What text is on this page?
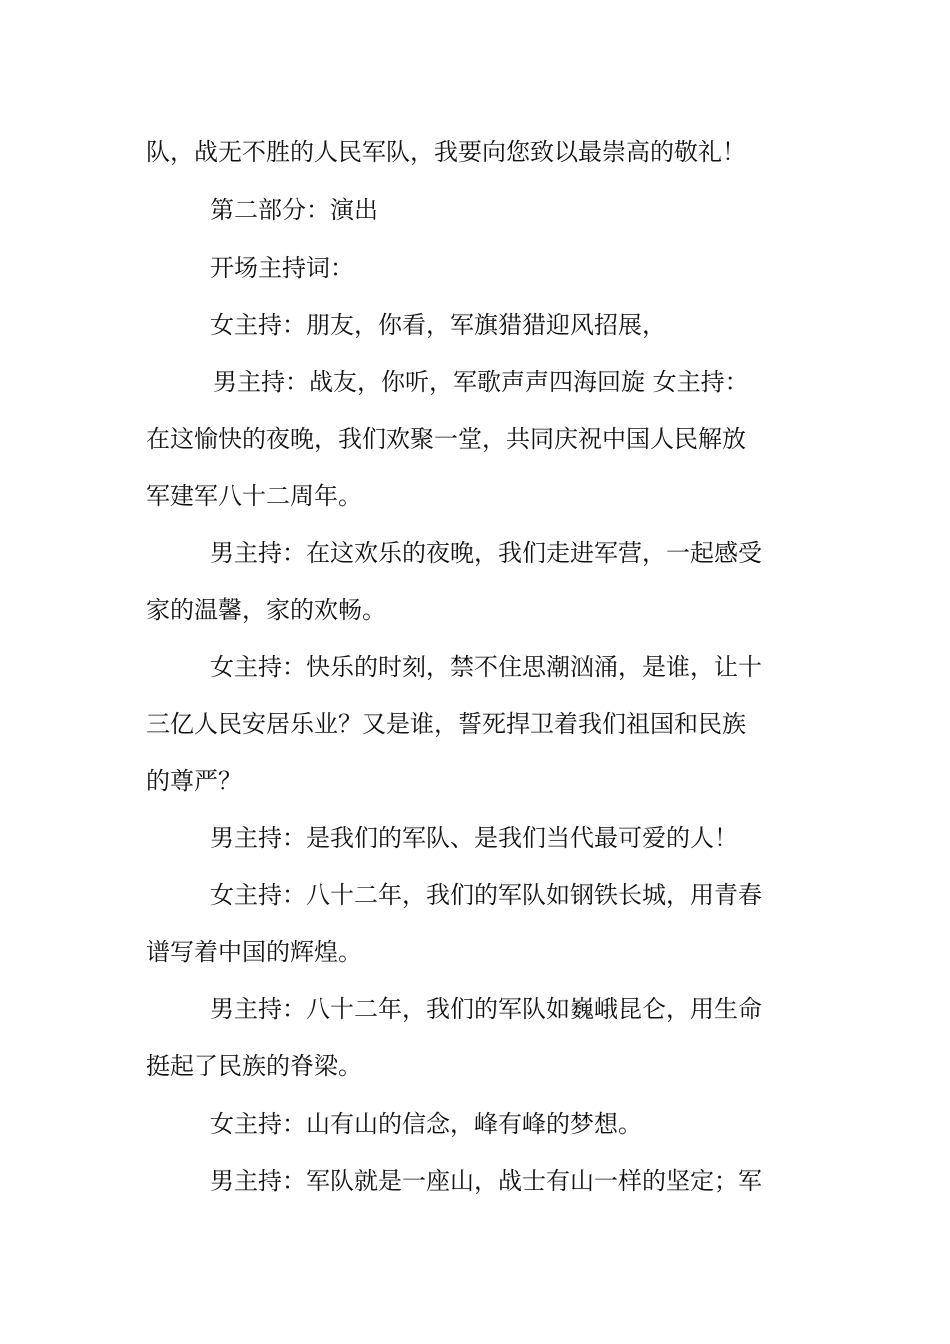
队，战无不胜的人民军队，我要向您致以最崇高的敬礼！
第二部分：演出
开场主持词：
女主持：朋友，你看，军旗猎猎迎风招展，
男主持：战友，你听，军歌声声四海回旋 女主持：
在这愉快的夜晚，我们欢聚一堂，共同庆祝中国人民解放
军建军八十二周年。
男主持：在这欢乐的夜晚，我们走进军营，一起感受
家的温馨，家的欢畅。
女主持：快乐的时刻，禁不住思潮汹涌，是谁，让十
三亿人民安居乐业？又是谁，誓死捍卫着我们祖国和民族
的尊严？
男主持：是我们的军队、是我们当代最可爱的人！
女主持：八十二年，我们的军队如钢铁长城，用青春
谱写着中国的辉煌。
男主持：八十二年，我们的军队如巍峨昆仑，用生命
挺起了民族的脊梁。
女主持：山有山的信念，峰有峰的梦想。
男主持：军队就是一座山，战士有山一样的坚定；军
